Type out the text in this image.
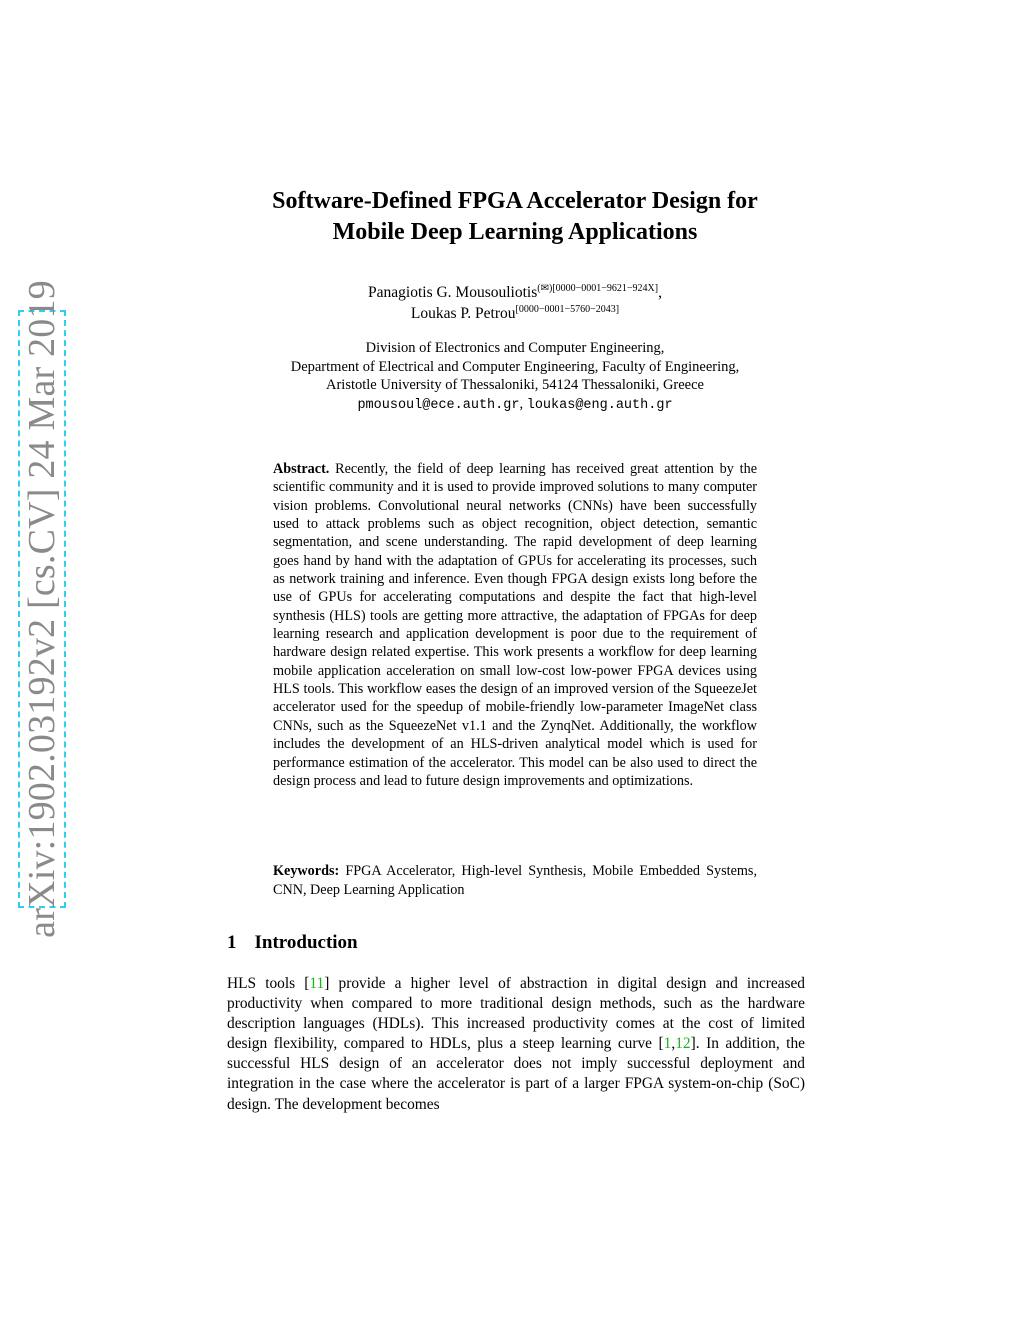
arXiv:1902.03192v2 [cs.CV] 24 Mar 2019
Software-Defined FPGA Accelerator Design for
Mobile Deep Learning Applications
Panagiotis G. Mousouliotis$^{(✉)[0000-0001-9621-924X]}$,
Loukas P. Petrou[0000−0001−5760−2043]
Division of Electronics and Computer Engineering,
Department of Electrical and Computer Engineering, Faculty of Engineering,
Aristotle University of Thessaloniki, 54124 Thessaloniki, Greece
pmousoul@ece.auth.gr, loukas@eng.auth.gr
Abstract. Recently, the field of deep learning has received great attention by the scientific community and it is used to provide improved solutions to many computer vision problems. Convolutional neural networks (CNNs) have been successfully used to attack problems such as object recognition, object detection, semantic segmentation, and scene understanding. The rapid development of deep learning goes hand by hand with the adaptation of GPUs for accelerating its processes, such as network training and inference. Even though FPGA design exists long before the use of GPUs for accelerating computations and despite the fact that high-level synthesis (HLS) tools are getting more attractive, the adaptation of FPGAs for deep learning research and application development is poor due to the requirement of hardware design related expertise. This work presents a workflow for deep learning mobile application acceleration on small low-cost low-power FPGA devices using HLS tools. This workflow eases the design of an improved version of the SqueezeJet accelerator used for the speedup of mobile-friendly low-parameter ImageNet class CNNs, such as the SqueezeNet v1.1 and the ZynqNet. Additionally, the workflow includes the development of an HLS-driven analytical model which is used for performance estimation of the accelerator. This model can be also used to direct the design process and lead to future design improvements and optimizations.
Keywords: FPGA Accelerator, High-level Synthesis, Mobile Embedded Systems, CNN, Deep Learning Application
1 Introduction
HLS tools [11] provide a higher level of abstraction in digital design and increased productivity when compared to more traditional design methods, such as the hardware description languages (HDLs). This increased productivity comes at the cost of limited design flexibility, compared to HDLs, plus a steep learning curve [1,12]. In addition, the successful HLS design of an accelerator does not imply successful deployment and integration in the case where the accelerator is part of a larger FPGA system-on-chip (SoC) design. The development becomes
